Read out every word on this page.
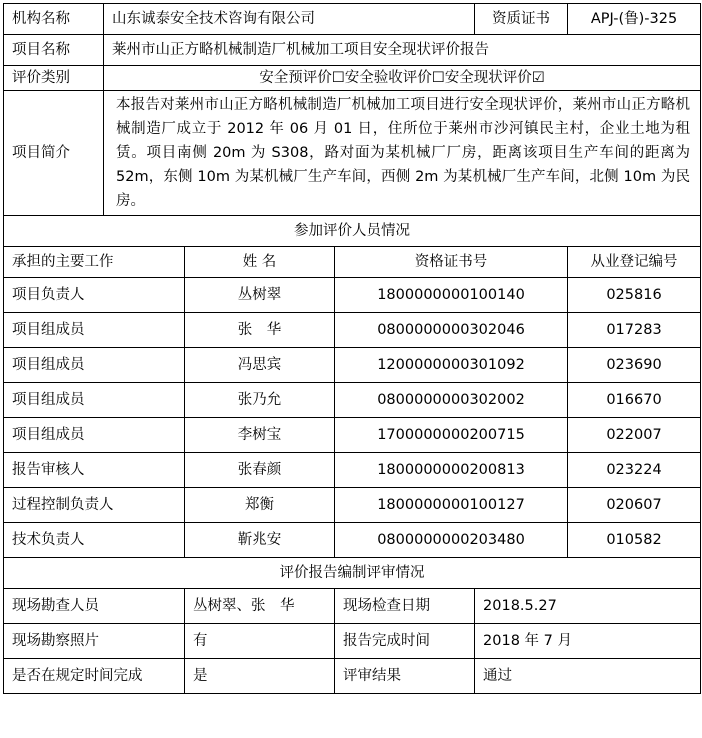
机构名称	山东诚泰安全技术咨询有限公司			资质证书	APJ-(鲁)-325
项目名称	莱州市山正方略机械制造厂机械加工项目安全现状评价报告				
评价类别	安全预评价☐安全验收评价☐安全现状评价☑				
项目简介	本报告对莱州市山正方略机械制造厂机械加工项目进行安全现状评价，莱州市山正方略机械制造厂成立于 2012 年 06 月 01 日，住所位于莱州市沙河镇民主村，企业土地为租赁。项目南侧 20m 为 S308，路对面为某机械厂厂房，距离该项目生产车间的距离为 52m，东侧 10m 为某机械厂生产车间，西侧 2m 为某机械厂生产车间，北侧 10m 为民房。				
参加评价人员情况					
承担的主要工作		姓 名	资格证书号		从业登记编号
项目负责人		丛树翠	1800000000100140		025816
项目组成员		张　华	0800000000302046		017283
项目组成员		冯思宾	1200000000301092		023690
项目组成员		张乃允	0800000000302002		016670
项目组成员		李树宝	1700000000200715		022007
报告审核人		张春颜	1800000000200813		023224
过程控制负责人		郑衡	1800000000100127		020607
技术负责人		靳兆安	0800000000203480		010582
评价报告编制评审情况					
现场勘查人员		丛树翠、张　华	现场检查日期	2018.5.27	
现场勘察照片		有	报告完成时间	2018 年 7 月	
是否在规定时间完成		是	评审结果	通过	
